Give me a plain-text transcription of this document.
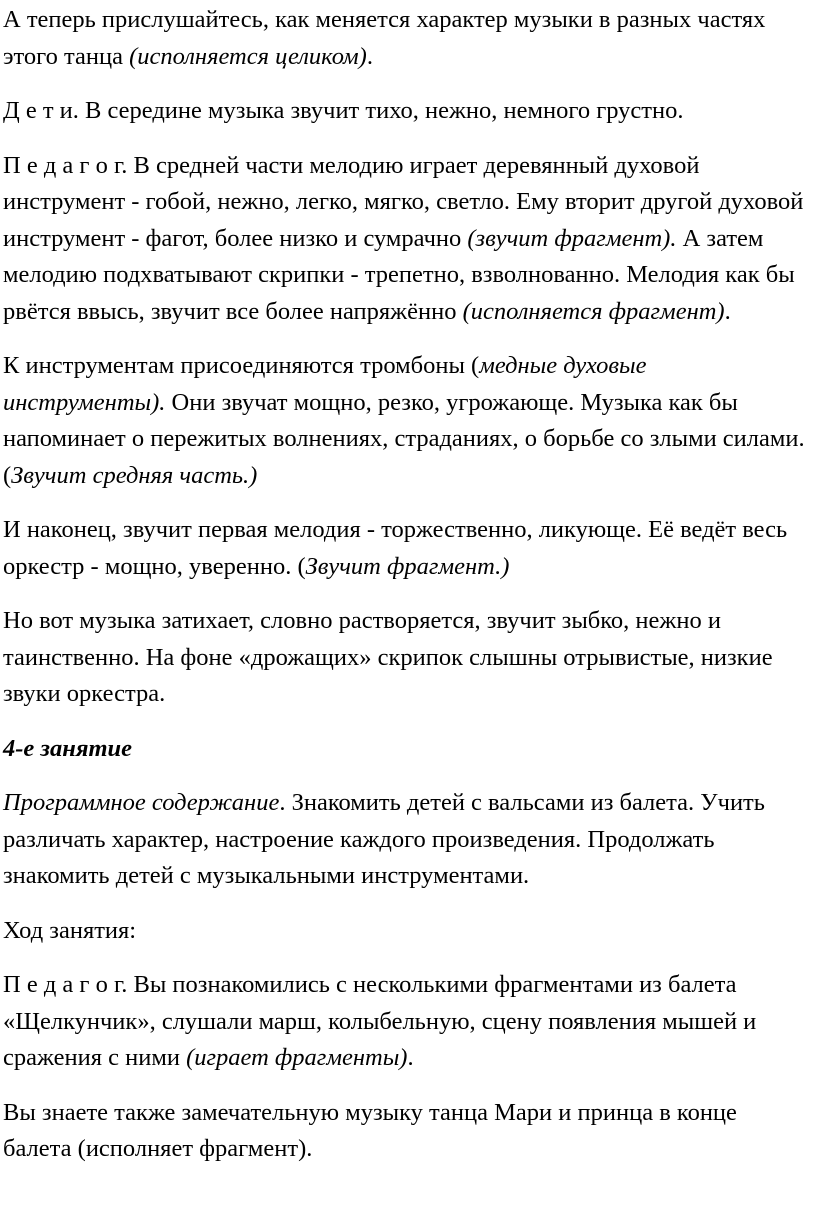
А теперь прислушайтесь, как меняется характер музыки в разных частях этого танца (исполняется целиком).

Д е т и. В середине музыка звучит тихо, нежно, немного грустно.

П е д а г о г. В средней части мелодию играет деревянный духовой инструмент - гобой, нежно, легко, мягко, светло. Ему вторит другой духовой инструмент - фагот, более низко и сумрачно (звучит фрагмент). А затем мелодию подхватывают скрипки - трепетно, взволнованно. Мелодия как бы рвётся ввысь, звучит все более напряжённо (исполняется фрагмент).

К инструментам присоединяются тромбоны (медные духовые инструменты). Они звучат мощно, резко, угрожающе. Музыка как бы напоминает о пережитых волнениях, страданиях, о борьбе со злыми силами. (Звучит средняя часть.)

И наконец, звучит первая мелодия - торжественно, ликующе. Её ведёт весь оркестр - мощно, уверенно. (Звучит фрагмент.)

Но вот музыка затихает, словно растворяется, звучит зыбко, нежно и таинственно. На фоне «дрожащих» скрипок слышны отрывистые, низкие звуки оркестра.

4-е занятие

Программное содержание. Знакомить детей с вальсами из балета. Учить различать характер, настроение каждого произведения. Продолжать знакомить детей с музыкальными инструментами.

Ход занятия:

П е д а г о г. Вы познакомились с несколькими фрагментами из балета «Щелкунчик», слушали марш, колыбельную, сцену появления мышей и сражения с ними (играет фрагменты).

Вы знаете также замечательную музыку танца Мари и принца в конце балета (исполняет фрагмент).
